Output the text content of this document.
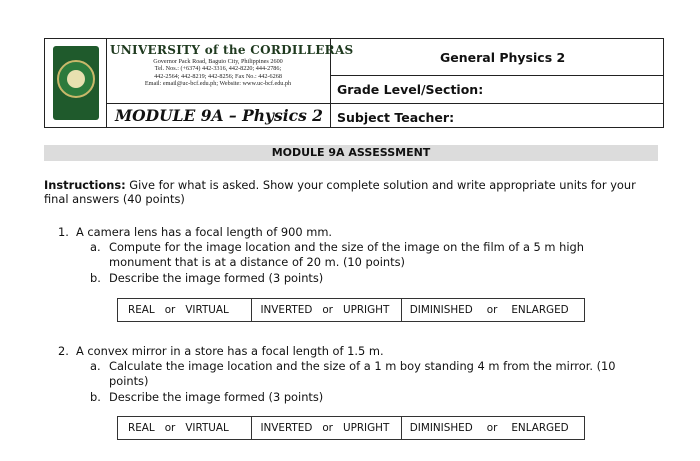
UNIVERSITY of the CORDILLERAS
Governor Pack Road, Baguio City, Philippines 2600
Tel. Nos.: (+6374) 442-3316, 442-8220; 444-2786;
442-2564; 442-8219; 442-8256; Fax No.: 442-6268
Email: email@uc-bcf.edu.ph; Website: www.uc-bcf.edu.ph
MODULE 9A – Physics 2
General Physics 2
Grade Level/Section:
Subject Teacher:
MODULE 9A ASSESSMENT
Instructions: Give for what is asked. Show your complete solution and write appropriate units for your
final answers (40 points)
1. A camera lens has a focal length of 900 mm.
a. Compute for the image location and the size of the image on the film of a 5 m high
monument that is at a distance of 20 m. (10 points)
b. Describe the image formed (3 points)
REAL or VIRTUAL	INVERTED or UPRIGHT DIMINISHED or ENLARGED
2. A convex mirror in a store has a focal length of 1.5 m.
a. Calculate the image location and the size of a 1 m boy standing 4 m from the mirror. (10
points)
b. Describe the image formed (3 points)
REAL or VIRTUAL	INVERTED or UPRIGHT DIMINISHED or ENLARGED
